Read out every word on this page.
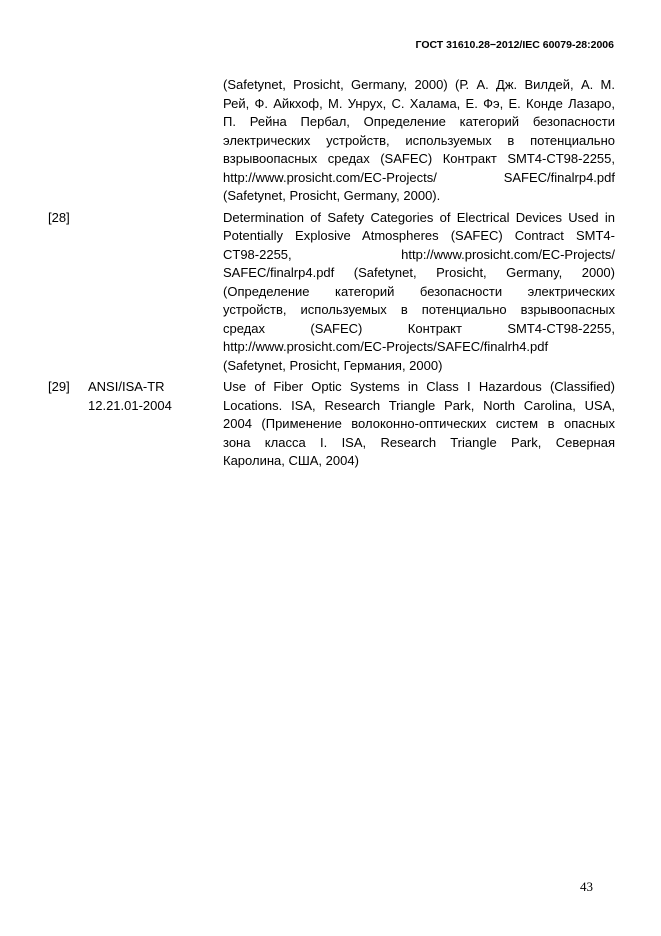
ГОСТ 31610.28−2012/IEC 60079-28:2006
(Safetynet, Prosicht, Germany, 2000) (Р. А. Дж. Вилдей, А. М.
Рей, Ф. Айкхоф, М. Унрух, С. Халама, Е. Фэ, Е. Конде Лазаро,
П. Рейна Пербал, Определение категорий безопасности
электрических устройств, используемых в потенциально
взрывоопасных средах (SAFEC) Контракт SMT4-CT98-2255,
http://www.prosicht.com/EC-Projects/ SAFEC/finalrp4.pdf
(Safetynet, Prosicht, Germany, 2000).
[28]	Determination of Safety Categories of Electrical Devices Used in
Potentially Explosive Atmospheres (SAFEC) Contract SMT4-
CT98-2255, http://www.prosicht.com/EC-Projects/
SAFEC/finalrp4.pdf (Safetynet, Prosicht, Germany, 2000)
(Определение категорий безопасности электрических
устройств, используемых в потенциально взрывоопасных
средах (SAFEC) Контракт SMT4-CT98-2255,
http://www.prosicht.com/EC-Projects/SAFEC/finalrh4.pdf
(Safetynet, Prosicht, Германия, 2000)
[29]	ANSI/ISA-TR 12.21.01-2004
Use of Fiber Optic Systems in Class I Hazardous (Classified)
Locations. ISA, Research Triangle Park, North Carolina, USA,
2004 (Применение волоконно-оптических систем в опасных
зона класса I. ISA, Research Triangle Park, Северная
Каролина, США, 2004)
43
